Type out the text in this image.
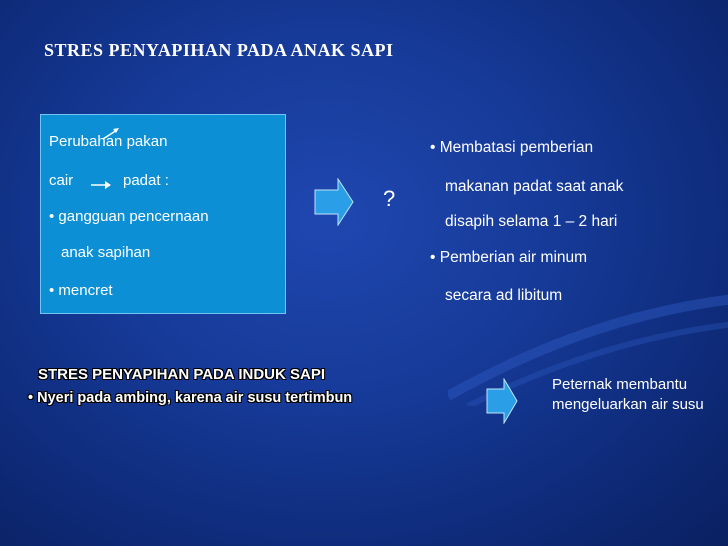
STRES PENYAPIHAN PADA ANAK SAPI
Perubahan pakan
cair	padat :
• gangguan pencernaan
anak sapihan
• mencret
?
• Membatasi pemberian
makanan padat saat anak
disapih selama 1 – 2 hari
• Pemberian air minum
secara ad libitum
STRES PENYAPIHAN PADA INDUK SAPI
• Nyeri pada ambing, karena air susu tertimbun
Peternak membantu mengeluarkan air susu
